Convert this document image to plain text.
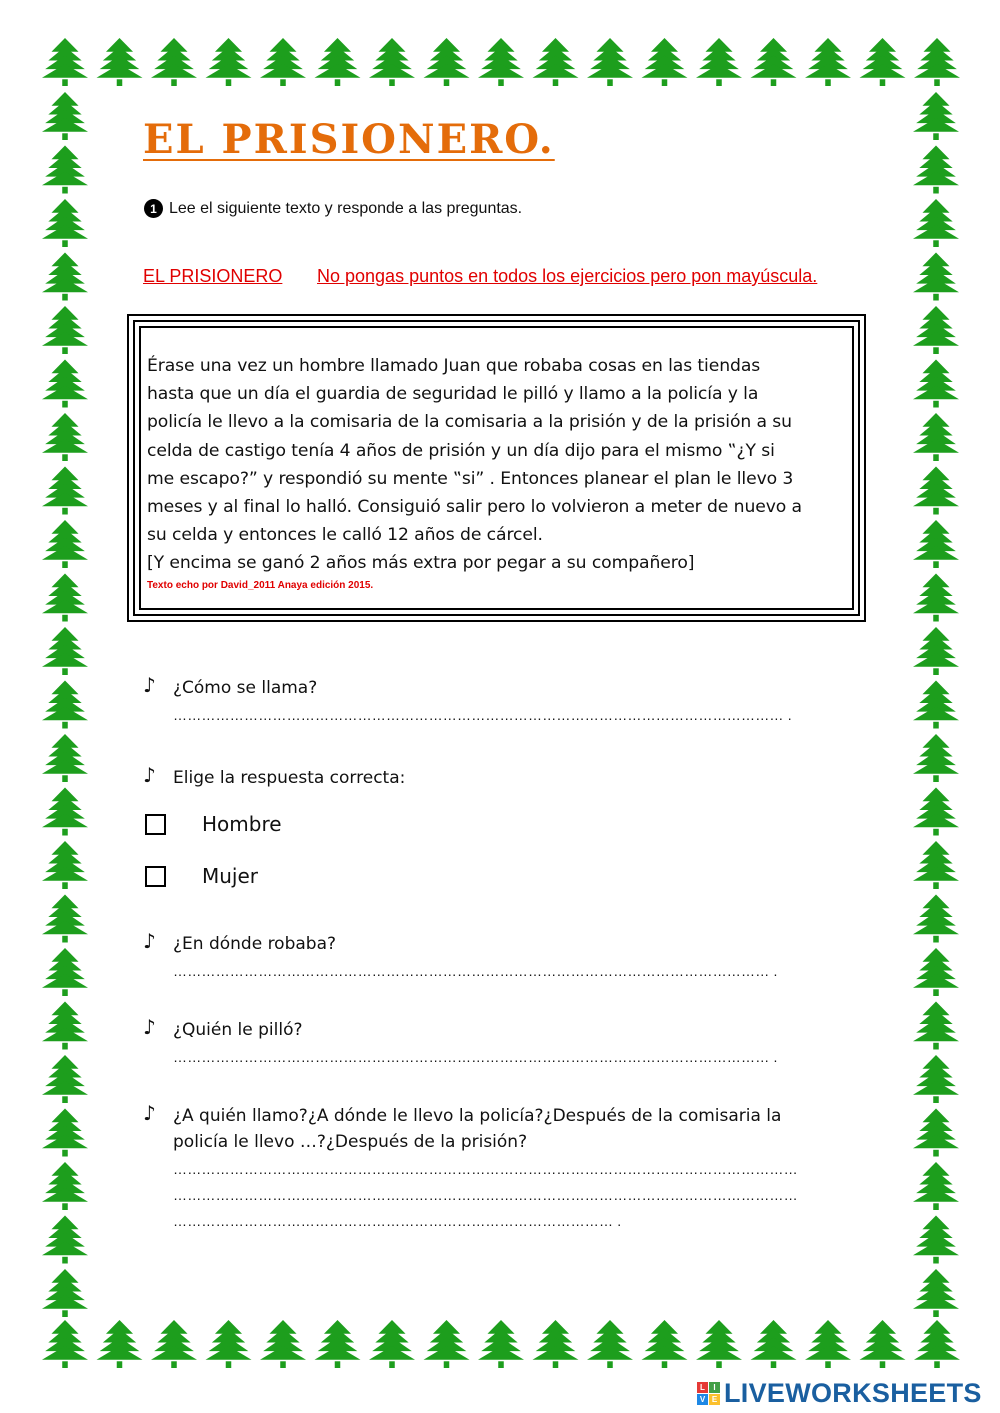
EL PRISIONERO.
1 Lee el siguiente texto y responde a las preguntas.
EL PRISIONERO No pongas puntos en todos los ejercicios pero pon mayúscula.

Érase una vez un hombre llamado Juan que robaba cosas en las tiendas
hasta que un día el guardia de seguridad le pilló y llamo a la policía y la
policía le llevo a la comisaria de la comisaria a la prisión y de la prisión a su
celda de castigo tenía 4 años de prisión y un día dijo para el mismo ‟¿Y si
me escapo?” y respondió su mente ‟si” . Entonces planear el plan le llevo 3
meses y al final lo halló. Consiguió salir pero lo volvieron a meter de nuevo a
su celda y entonces le calló 12 años de cárcel.
[Y encima se ganó 2 años más extra por pegar a su compañero]

Texto echo por David_2011 Anaya edición 2015.
♪	¿Cómo se llama?
………………………………………………………………………………………………………………… .
♪	Elige la respuesta correcta:
Hombre
Mujer
♪	¿En dónde robaba?
……………………………………………………………………………………………………………… .
♪	¿Quién le pilló?
……………………………………………………………………………………………………………… .
♪	¿A quién llamo?¿A dónde le llevo la policía?¿Después de la comisaria la
policía le llevo …?¿Después de la prisión?
……………………………………………………………………………………………………………………
……………………………………………………………………………………………………………………
………………………………………………………………………………… .
L	I
V E LIVEWORKSHEETS
